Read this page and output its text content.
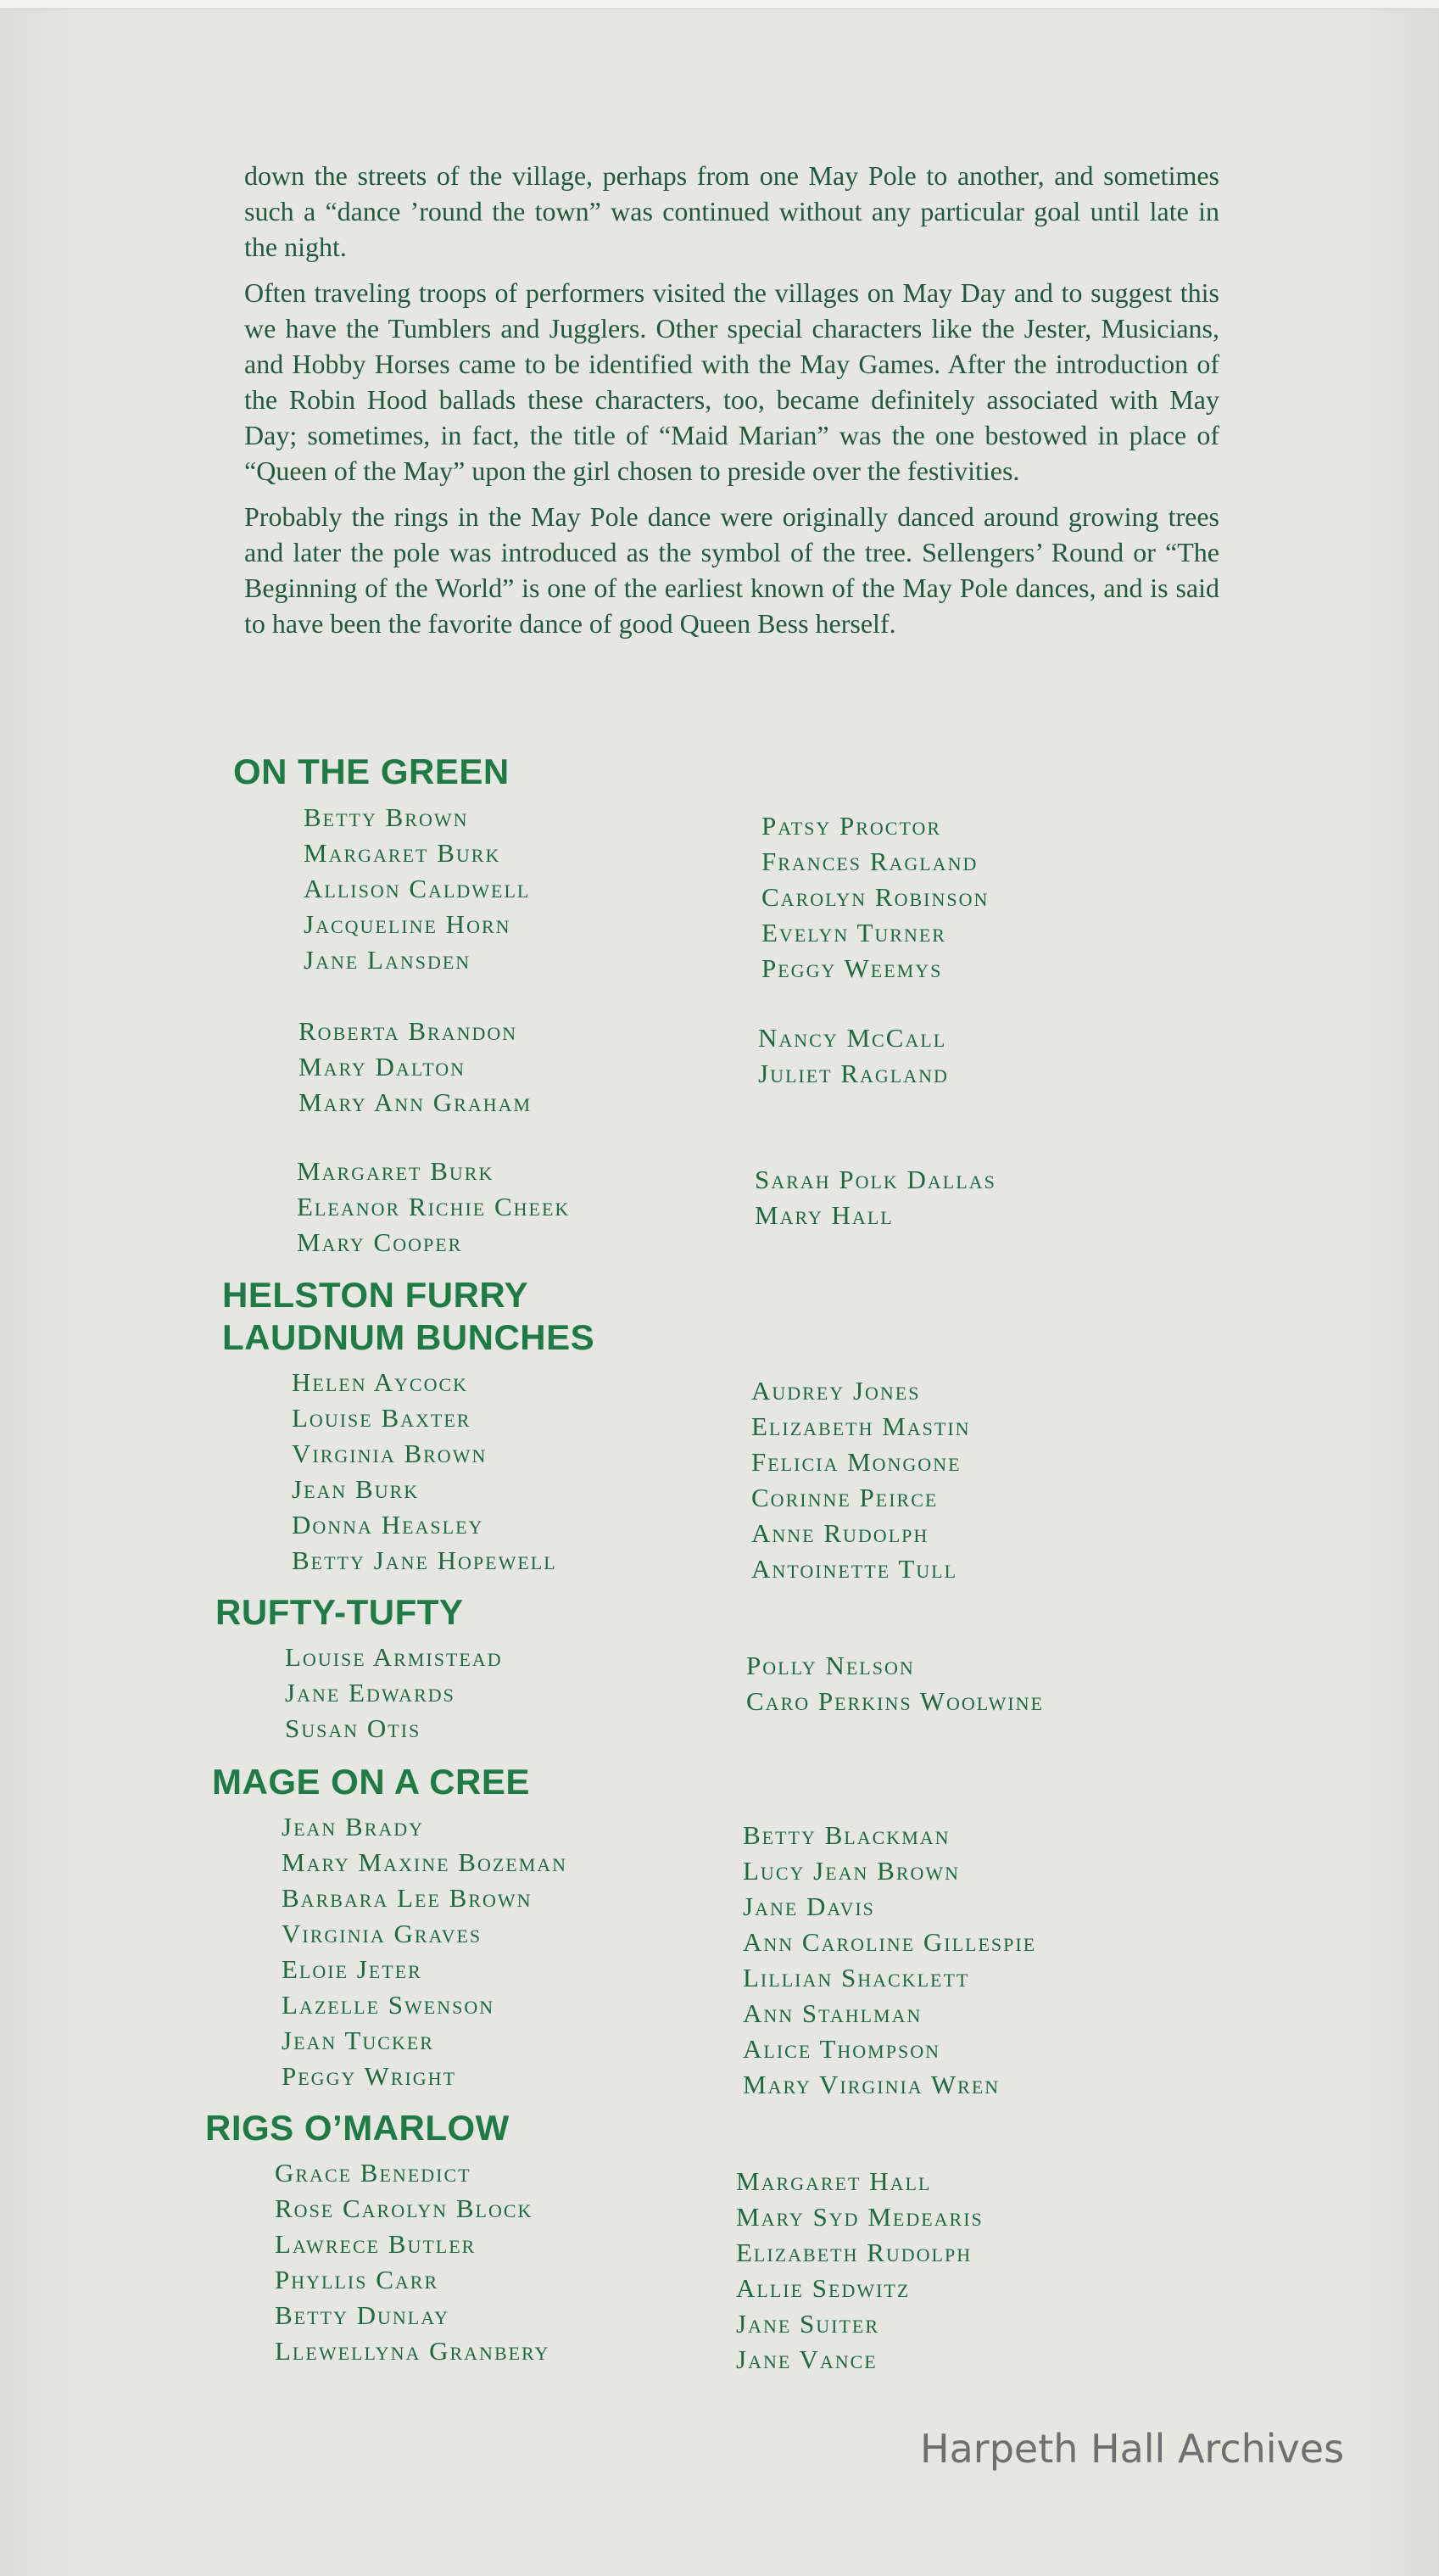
down the streets of the village, perhaps from one May Pole to another, and sometimes such a “dance ’round the town” was continued without any particular goal until late in the night.

Often traveling troops of performers visited the villages on May Day and to suggest this we have the Tumblers and Jugglers. Other special characters like the Jester, Musicians, and Hobby Horses came to be identified with the May Games. After the introduction of the Robin Hood ballads these characters, too, became definitely associated with May Day; sometimes, in fact, the title of “Maid Marian” was the one bestowed in place of “Queen of the May” upon the girl chosen to preside over the festivities.

Probably the rings in the May Pole dance were originally danced around growing trees and later the pole was introduced as the symbol of the tree. Sellengers’ Round or “The Beginning of the World” is one of the earliest known of the May Pole dances, and is said to have been the favorite dance of good Queen Bess herself.

ON THE GREEN
Betty Brown
Margaret Burk
Allison Caldwell
Jacqueline Horn
Jane Lansden
Patsy Proctor
Frances Ragland
Carolyn Robinson
Evelyn Turner
Peggy Weemys
Roberta Brandon
Mary Dalton
Mary Ann Graham
Nancy McCall
Juliet Ragland
Margaret Burk
Eleanor Richie Cheek
Mary Cooper
Sarah Polk Dallas
Mary Hall
HELSTON FURRY
LAUDNUM BUNCHES
Helen Aycock
Louise Baxter
Virginia Brown
Jean Burk
Donna Heasley
Betty Jane Hopewell
Audrey Jones
Elizabeth Mastin
Felicia Mongone
Corinne Peirce
Anne Rudolph
Antoinette Tull
RUFTY-TUFTY
Louise Armistead
Jane Edwards
Susan Otis
Polly Nelson
Caro Perkins Woolwine
MAGE ON A CREE
Jean Brady
Mary Maxine Bozeman
Barbara Lee Brown
Virginia Graves
Eloie Jeter
Lazelle Swenson
Jean Tucker
Peggy Wright
Betty Blackman
Lucy Jean Brown
Jane Davis
Ann Caroline Gillespie
Lillian Shacklett
Ann Stahlman
Alice Thompson
Mary Virginia Wren
RIGS O’MARLOW
Grace Benedict
Rose Carolyn Block
Lawrece Butler
Phyllis Carr
Betty Dunlay
Llewellyna Granbery
Margaret Hall
Mary Syd Medearis
Elizabeth Rudolph
Allie Sedwitz
Jane Suiter
Jane Vance
Harpeth Hall Archives
